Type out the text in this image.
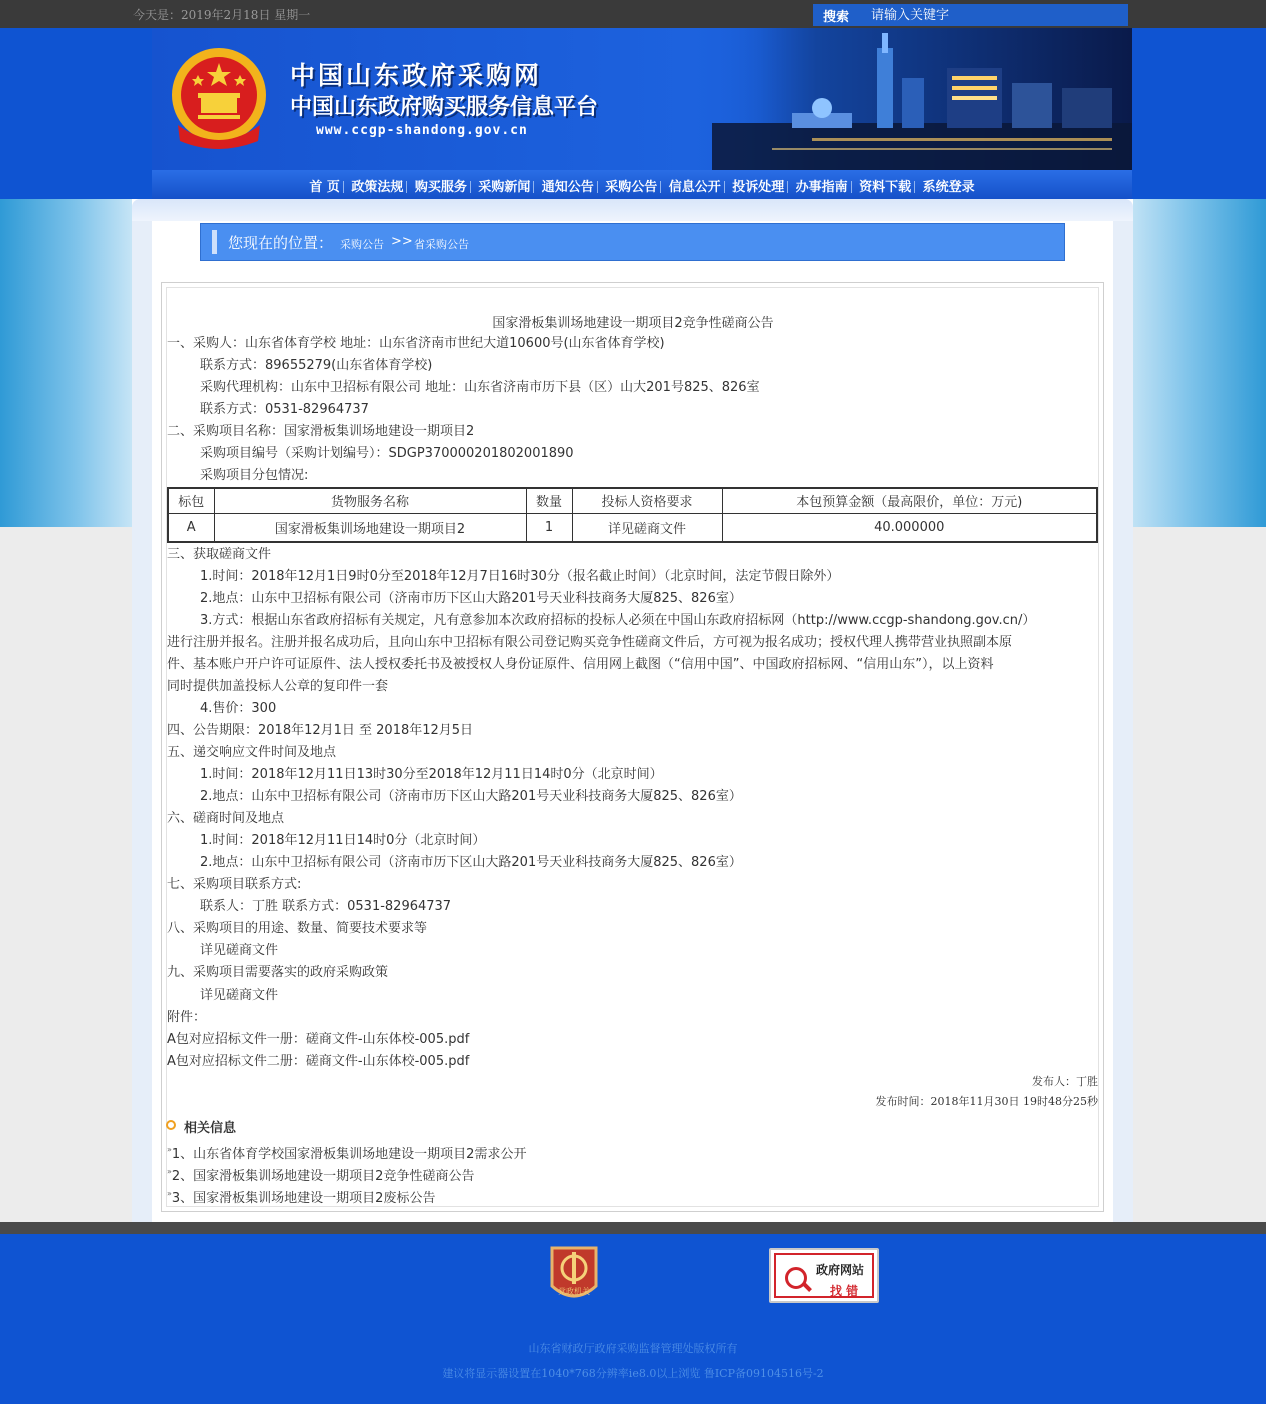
今天是：2019年2月18日 星期一	搜索
请输入关键字
中国山东政府采购网
中国山东政府购买服务信息平台
www.ccgp-shandong.gov.cn
首 页 政策法规 购买服务 采购新闻 通知公告 采购公告 信息公开 投诉处理 办事指南 资料下载 系统登录
您现在的位置： 采购公告 >> 省采购公告
国家滑板集训场地建设一期项目2竞争性磋商公告
一、采购人：山东省体育学校 地址：山东省济南市世纪大道10600号(山东省体育学校)
联系方式：89655279(山东省体育学校)
采购代理机构：山东中卫招标有限公司 地址：山东省济南市历下县（区）山大201号825、826室
联系方式：0531-82964737
二、采购项目名称：国家滑板集训场地建设一期项目2
采购项目编号（采购计划编号）：SDGP370000201802001890
采购项目分包情况:
标包	货物服务名称	数量	投标人资格要求	本包预算金额（最高限价，单位：万元)
A	国家滑板集训场地建设一期项目2	1	详见磋商文件	40.000000
三、获取磋商文件
1.时间：2018年12月1日9时0分至2018年12月7日16时30分（报名截止时间）（北京时间，法定节假日除外）
2.地点：山东中卫招标有限公司（济南市历下区山大路201号天业科技商务大厦825、826室）
3.方式：根据山东省政府招标有关规定，凡有意参加本次政府招标的投标人必须在中国山东政府招标网（http://www.ccgp-shandong.gov.cn/）
进行注册并报名。注册并报名成功后，且向山东中卫招标有限公司登记购买竞争性磋商文件后，方可视为报名成功；授权代理人携带营业执照副本原
件、基本账户开户许可证原件、法人授权委托书及被授权人身份证原件、信用网上截图（“信用中国”、中国政府招标网、“信用山东”），以上资料
同时提供加盖投标人公章的复印件一套
4.售价：300
四、公告期限：2018年12月1日 至 2018年12月5日
五、递交响应文件时间及地点
1.时间：2018年12月11日13时30分至2018年12月11日14时0分（北京时间）
2.地点：山东中卫招标有限公司（济南市历下区山大路201号天业科技商务大厦825、826室）
六、磋商时间及地点
1.时间：2018年12月11日14时0分（北京时间）
2.地点：山东中卫招标有限公司（济南市历下区山大路201号天业科技商务大厦825、826室）
七、采购项目联系方式:
联系人：丁胜 联系方式：0531-82964737
八、采购项目的用途、数量、简要技术要求等
详见磋商文件
九、采购项目需要落实的政府采购政策
详见磋商文件
附件：
A包对应招标文件一册：磋商文件-山东体校-005.pdf
A包对应招标文件二册：磋商文件-山东体校-005.pdf
发布人：丁胜
发布时间：2018年11月30日 19时48分25秒
相关信息
»1、山东省体育学校国家滑板集训场地建设一期项目2需求公开
»2、国家滑板集训场地建设一期项目2竞争性磋商公告
»3、国家滑板集训场地建设一期项目2废标公告
党政机关
政府网站
找 错
山东省财政厅政府采购监督管理处版权所有
建议将显示器设置在1040*768分辨率ie8.0以上浏览 鲁ICP备09104516号-2
